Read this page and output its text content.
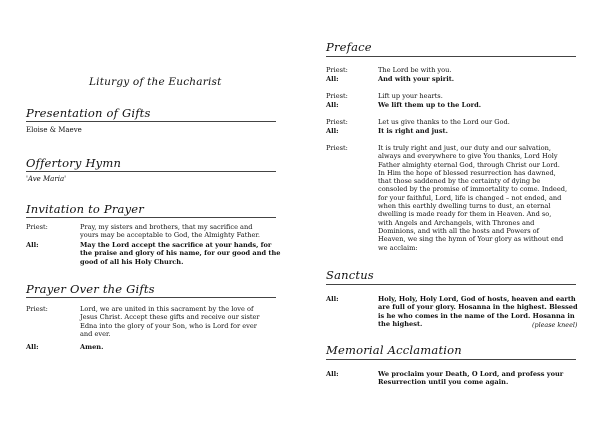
Liturgy of the Eucharist
Presentation of Gifts

Eloise & Maeve

Offertory Hymn

'Ave Maria'

Invitation to Prayer
Priest:	Pray, my sisters and brothers, that my sacrifice and
yours may be acceptable to God, the Almighty Father.
All:	May the Lord accept the sacrifice at your hands, for
the praise and glory of his name, for our good and the
good of all his Holy Church.
Prayer Over the Gifts
Priest:	Lord, we are united in this sacrament by the love of
Jesus Christ. Accept these gifts and receive our sister
Edna into the glory of your Son, who is Lord for ever
and ever.
All:	Amen.
Preface
Priest:	The Lord be with you.
All:	And with your spirit.
Priest:	Lift up your hearts.
All:	We lift them up to the Lord.
Priest:	Let us give thanks to the Lord our God.
All:	It is right and just.
Priest:	It is truly right and just, our duty and our salvation,
always and everywhere to give You thanks, Lord Holy
Father almighty eternal God, through Christ our Lord.
In Him the hope of blessed resurrection has dawned,
that those saddened by the certainty of dying be
consoled by the promise of immortality to come. Indeed,
for your faithful, Lord, life is changed – not ended, and
when this earthly dwelling turns to dust, an eternal
dwelling is made ready for them in Heaven. And so,
with Angels and Archangels, with Thrones and
Dominions, and with all the hosts and Powers of
Heaven, we sing the hymn of Your glory as without end
we acclaim:
Sanctus
All:	Holy, Holy, Holy Lord, God of hosts, heaven and earth
are full of your glory. Hosanna in the highest. Blessed
is he who comes in the name of the Lord. Hosanna in
the highest.	(please kneel)
Memorial Acclamation
All:	We proclaim your Death, O Lord, and profess your
Resurrection until you come again.
